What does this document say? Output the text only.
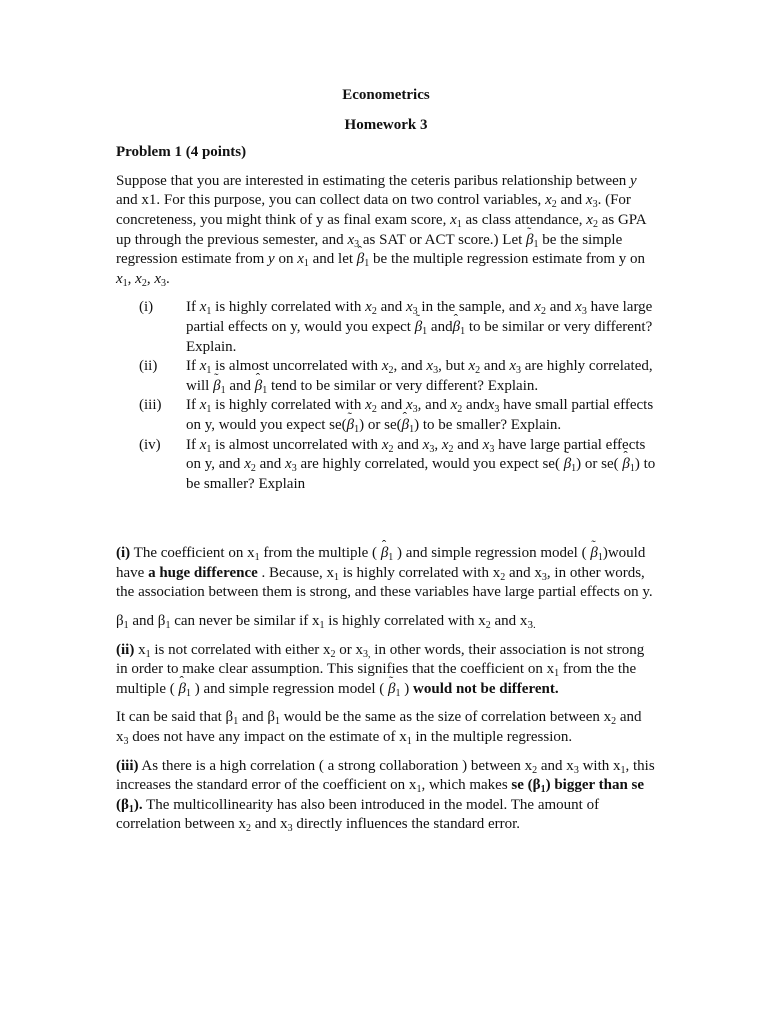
Econometrics

Homework 3

Problem 1 (4 points)

Suppose that you are interested in estimating the ceteris paribus relationship between y and x1. For this purpose, you can collect data on two control variables, $x_2$ and $x_3$. (For concreteness, you might think of y as final exam score, $x_1$ as class attendance, $x_2$ as GPA up through the previous semester, and $x_3$ as SAT or ACT score.) Let ˜ $\beta_1$ be the simple regression estimate from y on $x_1$ and let ˆ $\beta_1$ be the multiple regression estimate from y on $x_1$, $x_2$, $x_3$.

(i)	If $x_1$ is highly correlated with $x_2$ and $x_3$ in the sample, and $x_2$ and $x_3$ have large partial effects on y, would you expect ˜ $\beta_1$ andˆ $\beta_1$ to be similar or very different? Explain.
(ii)	If $x_1$ is almost uncorrelated with $x_2$, and $x_3$, but $x_2$ and $x_3$ are highly correlated, will ˜ $\beta_1$ and ˆ $\beta_1$ tend to be similar or very different? Explain.
(iii)	If $x_1$ is highly correlated with $x_2$ and $x_3$, and $x_2$ andx$_3$ have small partial effects on y, would you expect se(˜ $\beta_1$) or se(ˆ $\beta_1$) to be smaller? Explain.
(iv)	If $x_1$ is almost uncorrelated with $x_2$ and $x_3$, $x_2$ and $x_3$ have large partial effects on y, and $x_2$ and $x_3$ are highly correlated, would you expect se( ˜ $\beta_1$) or se( ˆ $\beta_1$) to be smaller? Explain

(i) The coefficient on $x_1$ from the multiple ( ˆ $\beta_1$ ) and simple regression model ( ˜ $\beta_1)would$ have a huge difference . Because, $x_1$ is highly correlated with $x_2$ and $x_3$, in other words, the association between them is strong, and these variables have large partial effects on y.

$\beta_1$ and $\beta_1$ can never be similar if $x_1$ is highly correlated with $x_2$ and $x_{3.}$

(ii) $x_1$ is not correlated with either $x_2$ or $x_{3,}$ in other words, their association is not strong in order to make clear assumption. This signifies that the coefficient on $x_1$ from the the multiple ( ˆ $\beta_1$ ) and simple regression model ( ˜ $\beta_1$ ) would not be different.

It can be said that $\beta_1$ and $\beta_1$ would be the same as the size of correlation between $x_2$ and $x_3$ does not have any impact on the estimate of $x_1$ in the multiple regression.

(iii) As there is a high correlation ( a strong collaboration ) between $x_2$ and $x_3$ with $x_1$, this increases the standard error of the coefficient on $x_1$, which makes se $(\beta_1)$ bigger than se $(\beta_1)$. The multicollinearity has also been introduced in the model. The amount of correlation between $x_2$ and $x_3$ directly influences the standard error.
